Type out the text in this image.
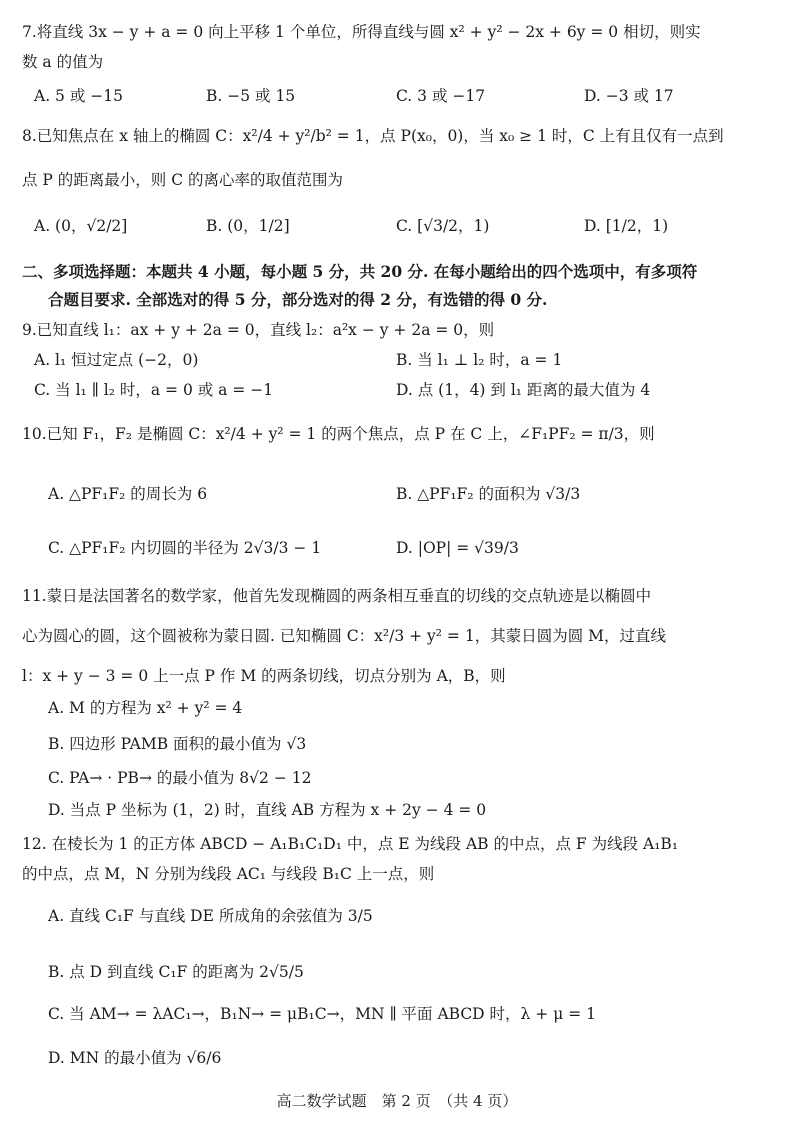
7.将直线 3x − y + a = 0 向上平移 1 个单位，所得直线与圆 x² + y² − 2x + 6y = 0 相切，则实
数 a 的值为
A. 5 或 −15	B. −5 或 15	C. 3 或 −17	D. −3 或 17
8.已知焦点在 x 轴上的椭圆 C：x²/4 + y²/b² = 1，点 P(x₀，0)，当 x₀ ≥ 1 时，C 上有且仅有一点到
点 P 的距离最小，则 C 的离心率的取值范围为
A. (0，√2/2]	B. (0，1/2]	C. [√3/2，1)	D. [1/2，1)
二、多项选择题：本题共 4 小题，每小题 5 分，共 20 分. 在每小题给出的四个选项中，有多项符
合题目要求. 全部选对的得 5 分，部分选对的得 2 分，有选错的得 0 分.
9.已知直线 l₁：ax + y + 2a = 0，直线 l₂：a²x − y + 2a = 0，则
A. l₁ 恒过定点 (−2，0)	B. 当 l₁ ⊥ l₂ 时，a = 1
C. 当 l₁ ∥ l₂ 时，a = 0 或 a = −1	D. 点 (1，4) 到 l₁ 距离的最大值为 4
10.已知 F₁，F₂ 是椭圆 C：x²/4 + y² = 1 的两个焦点，点 P 在 C 上，∠F₁PF₂ = π/3，则
A. △PF₁F₂ 的周长为 6	B. △PF₁F₂ 的面积为 √3/3
C. △PF₁F₂ 内切圆的半径为 2√3/3 − 1	D. |OP| = √39/3
11.蒙日是法国著名的数学家，他首先发现椭圆的两条相互垂直的切线的交点轨迹是以椭圆中
心为圆心的圆，这个圆被称为蒙日圆. 已知椭圆 C：x²/3 + y² = 1，其蒙日圆为圆 M，过直线
l：x + y − 3 = 0 上一点 P 作 M 的两条切线，切点分别为 A，B，则
A. M 的方程为 x² + y² = 4
B. 四边形 PAMB 面积的最小值为 √3
C. PA→ · PB→ 的最小值为 8√2 − 12
D. 当点 P 坐标为 (1，2) 时，直线 AB 方程为 x + 2y − 4 = 0
12. 在棱长为 1 的正方体 ABCD − A₁B₁C₁D₁ 中，点 E 为线段 AB 的中点，点 F 为线段 A₁B₁
的中点，点 M，N 分别为线段 AC₁ 与线段 B₁C 上一点，则
A. 直线 C₁F 与直线 DE 所成角的余弦值为 3/5
B. 点 D 到直线 C₁F 的距离为 2√5/5
C. 当 AM→ = λAC₁→，B₁N→ = μB₁C→，MN ∥ 平面 ABCD 时，λ + μ = 1
D. MN 的最小值为 √6/6
高二数学试题　第 2 页　（共 4 页）
